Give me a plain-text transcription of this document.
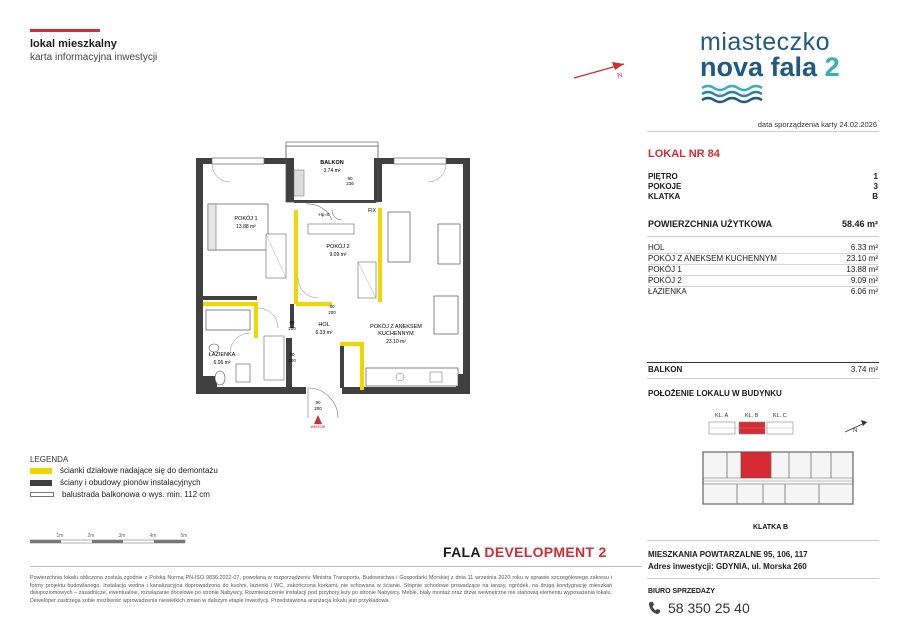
lokal mieszkalny
karta informacyjna inwestycji
miasteczko
nova fala 2
N
data sporządzenia karty 24.02.2026
LOKAL NR 84
PIĘTRO	1
POKOJE	3
KLATKA	B
POWIERZCHNIA UŻYTKOWA	58.46 m²
HOL	6.33 m²
POKÓJ Z ANEKSEM KUCHENNYM	23.10 m²
POKÓJ 1	13.88 m²
POKÓJ 2	9.09 m²
ŁAZIENKA	6.06 m²
BALKON	3.74 m²
POŁOŻENIE LOKALU W BUDYNKU
KL. A	KL. B	KL. C
N
KLATKA B
BALKON
3.74 m²
POKÓJ 1
13.88 m²
POKÓJ 2
9.09 m²
HOL
6.33 m²
POKÓJ Z ANEKSEM
KUCHENNYM
23.10 m²
ŁAZIENKA
6.06 m²
FIX
Hp=0
90
236
80
200
80
200
80
200
90
200
wejście
LEGENDA
ścianki działowe nadające się do demontażu
ściany i obudowy pionów instalacyjnych
balustrada balkonowa o wys. min. 112 cm
1m	2m	3m	4m	5m
FALA DEVELOPMENT 2
Powierzchnia lokalu obliczona zostala zgodnie z Polską Normą PN-ISO 9836:2022-07, powołaną w rozporządzeniu Ministra Transportu, Budownictwa i Gospodarki Morskiej z dnia 11 września 2020 roku w sprawie szczegółowego zakresu i formy projektu budowlanego. Instalacja wodna i kanalizacyjna doprowadzona do kuchni, łazienki i WC, zakończona korkami, nie schowana w ścianie. Stopnie schodowe prowadzące na tarasy, ogródek, na drugą kondygnację mieszkań dwupoziomowych – zasadnicze, ewentualnie, rozwiązanie docelowe po stronie Nabywcy. Rozmieszczenie instalacji pod przybory leży po stronie Nabywcy. Meble, biały montaż oraz drzwi wewnętrzne nie stanowią elementu wyposażenia lokalu. Deweloper zastrzega sobie możliwość wprowadzenia niewielkich zmian w dalszym etapie inwestycji. Przedstawiona aranżacja lokalu jest przykładowa.
MIESZKANIA POWTARZALNE 95, 106, 117
Adres inwestycji: GDYNIA, ul. Morska 260
BIURO SPRZEDAŻY
58 350 25 40
